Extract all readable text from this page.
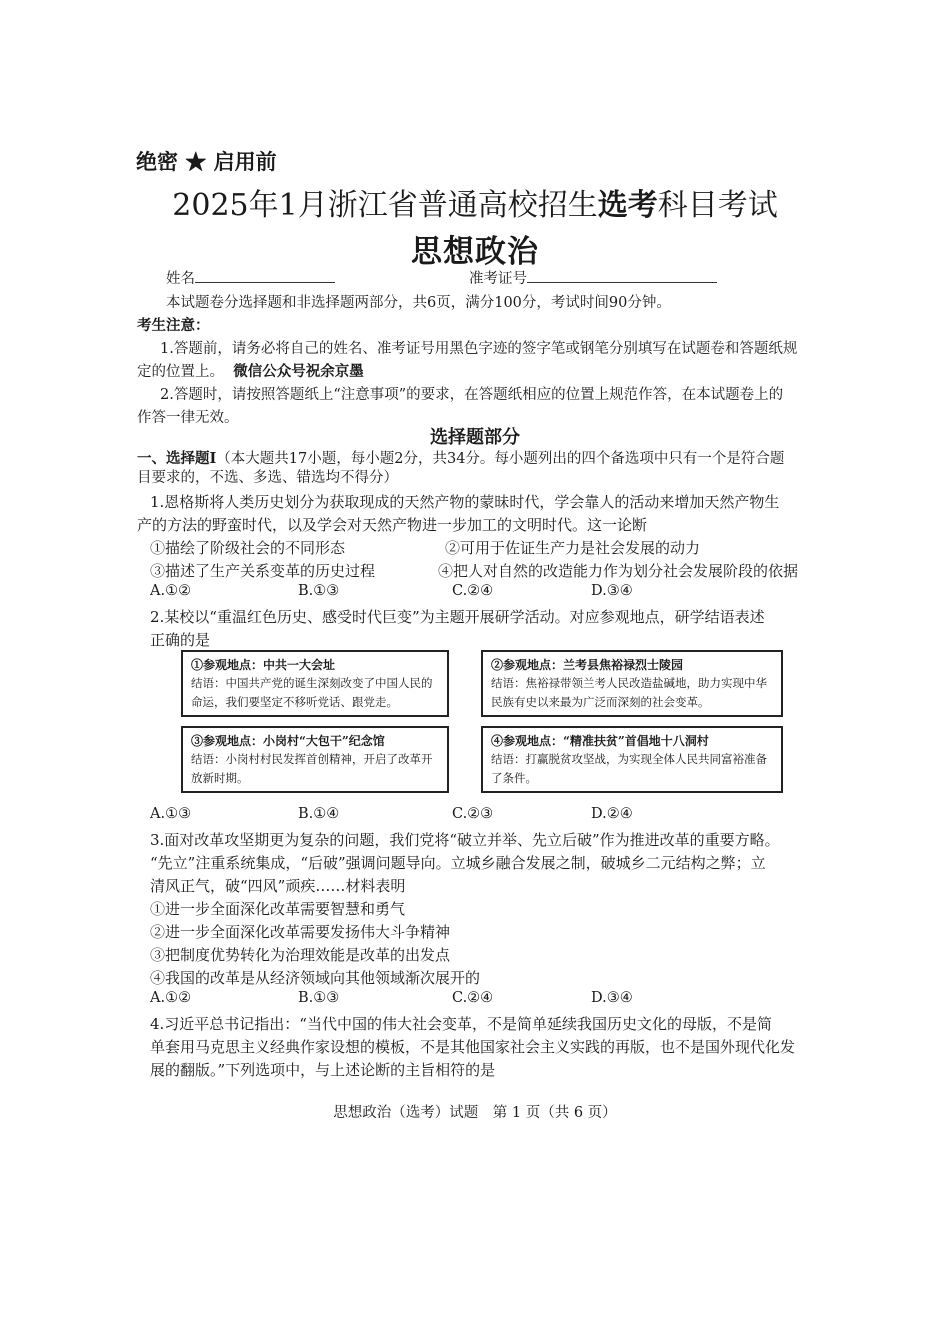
绝密 ★ 启用前
2025年1月浙江省普通高校招生选考科目考试
思想政治
姓名	准考证号
本试题卷分选择题和非选择题两部分，共6页，满分100分，考试时间90分钟。
考生注意：
1.答题前，请务必将自己的姓名、准考证号用黑色字迹的签字笔或钢笔分别填写在试题卷和答题纸规
定的位置上。 微信公众号祝余京墨
2.答题时，请按照答题纸上“注意事项”的要求，在答题纸相应的位置上规范作答，在本试题卷上的
作答一律无效。
选择题部分
一、选择题Ⅰ（本大题共17小题，每小题2分，共34分。每小题列出的四个备选项中只有一个是符合题
目要求的，不选、多选、错选均不得分）
1.恩格斯将人类历史划分为获取现成的天然产物的蒙昧时代，学会靠人的活动来增加天然产物生
产的方法的野蛮时代，以及学会对天然产物进一步加工的文明时代。这一论断
①描绘了阶级社会的不同形态	②可用于佐证生产力是社会发展的动力
③描述了生产关系变革的历史过程	④把人对自然的改造能力作为划分社会发展阶段的依据
A.①②	B.①③	C.②④	D.③④
2.某校以“重温红色历史、感受时代巨变”为主题开展研学活动。对应参观地点，研学结语表述
正确的是
①参观地点：中共一大会址
结语：中国共产党的诞生深刻改变了中国人民的命运，我们要坚定不移听党话、跟党走。
②参观地点：兰考县焦裕禄烈士陵园
结语：焦裕禄带领兰考人民改造盐碱地，助力实现中华民族有史以来最为广泛而深刻的社会变革。
③参观地点：小岗村“大包干”纪念馆
结语：小岗村村民发挥首创精神，开启了改革开放新时期。
④参观地点：“精准扶贫”首倡地十八洞村
结语：打赢脱贫攻坚战，为实现全体人民共同富裕准备了条件。
A.①③	B.①④	C.②③	D.②④
3.面对改革攻坚期更为复杂的问题，我们党将“破立并举、先立后破”作为推进改革的重要方略。
“先立”注重系统集成，“后破”强调问题导向。立城乡融合发展之制，破城乡二元结构之弊；立
清风正气，破“四风”顽疾……材料表明
①进一步全面深化改革需要智慧和勇气
②进一步全面深化改革需要发扬伟大斗争精神
③把制度优势转化为治理效能是改革的出发点
④我国的改革是从经济领域向其他领域渐次展开的
A.①②	B.①③	C.②④	D.③④
4.习近平总书记指出：“当代中国的伟大社会变革，不是简单延续我国历史文化的母版，不是简
单套用马克思主义经典作家设想的模板，不是其他国家社会主义实践的再版，也不是国外现代化发
展的翻版。”下列选项中，与上述论断的主旨相符的是
思想政治（选考）试题　第 1 页（共 6 页）
